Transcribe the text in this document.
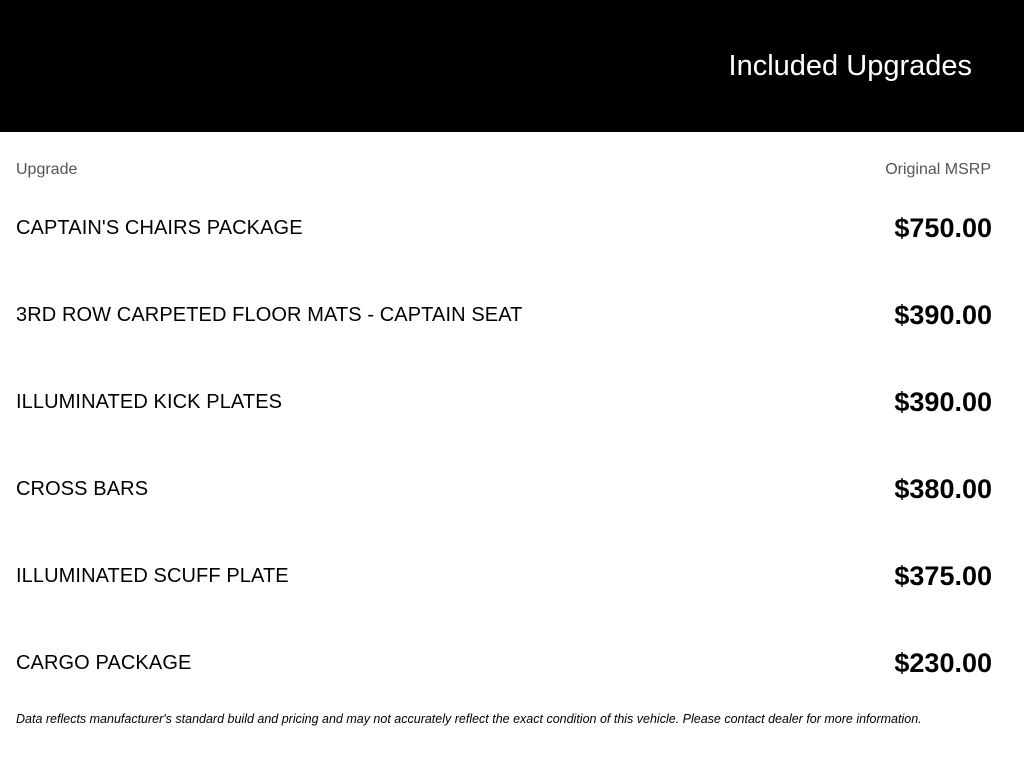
Included Upgrades
Upgrade	Original MSRP
CAPTAIN'S CHAIRS PACKAGE	$750.00
3RD ROW CARPETED FLOOR MATS - CAPTAIN SEAT	$390.00
ILLUMINATED KICK PLATES	$390.00
CROSS BARS	$380.00
ILLUMINATED SCUFF PLATE	$375.00
CARGO PACKAGE	$230.00

Data reflects manufacturer's standard build and pricing and may not accurately reflect the exact condition of this vehicle. Please contact dealer for more information.
